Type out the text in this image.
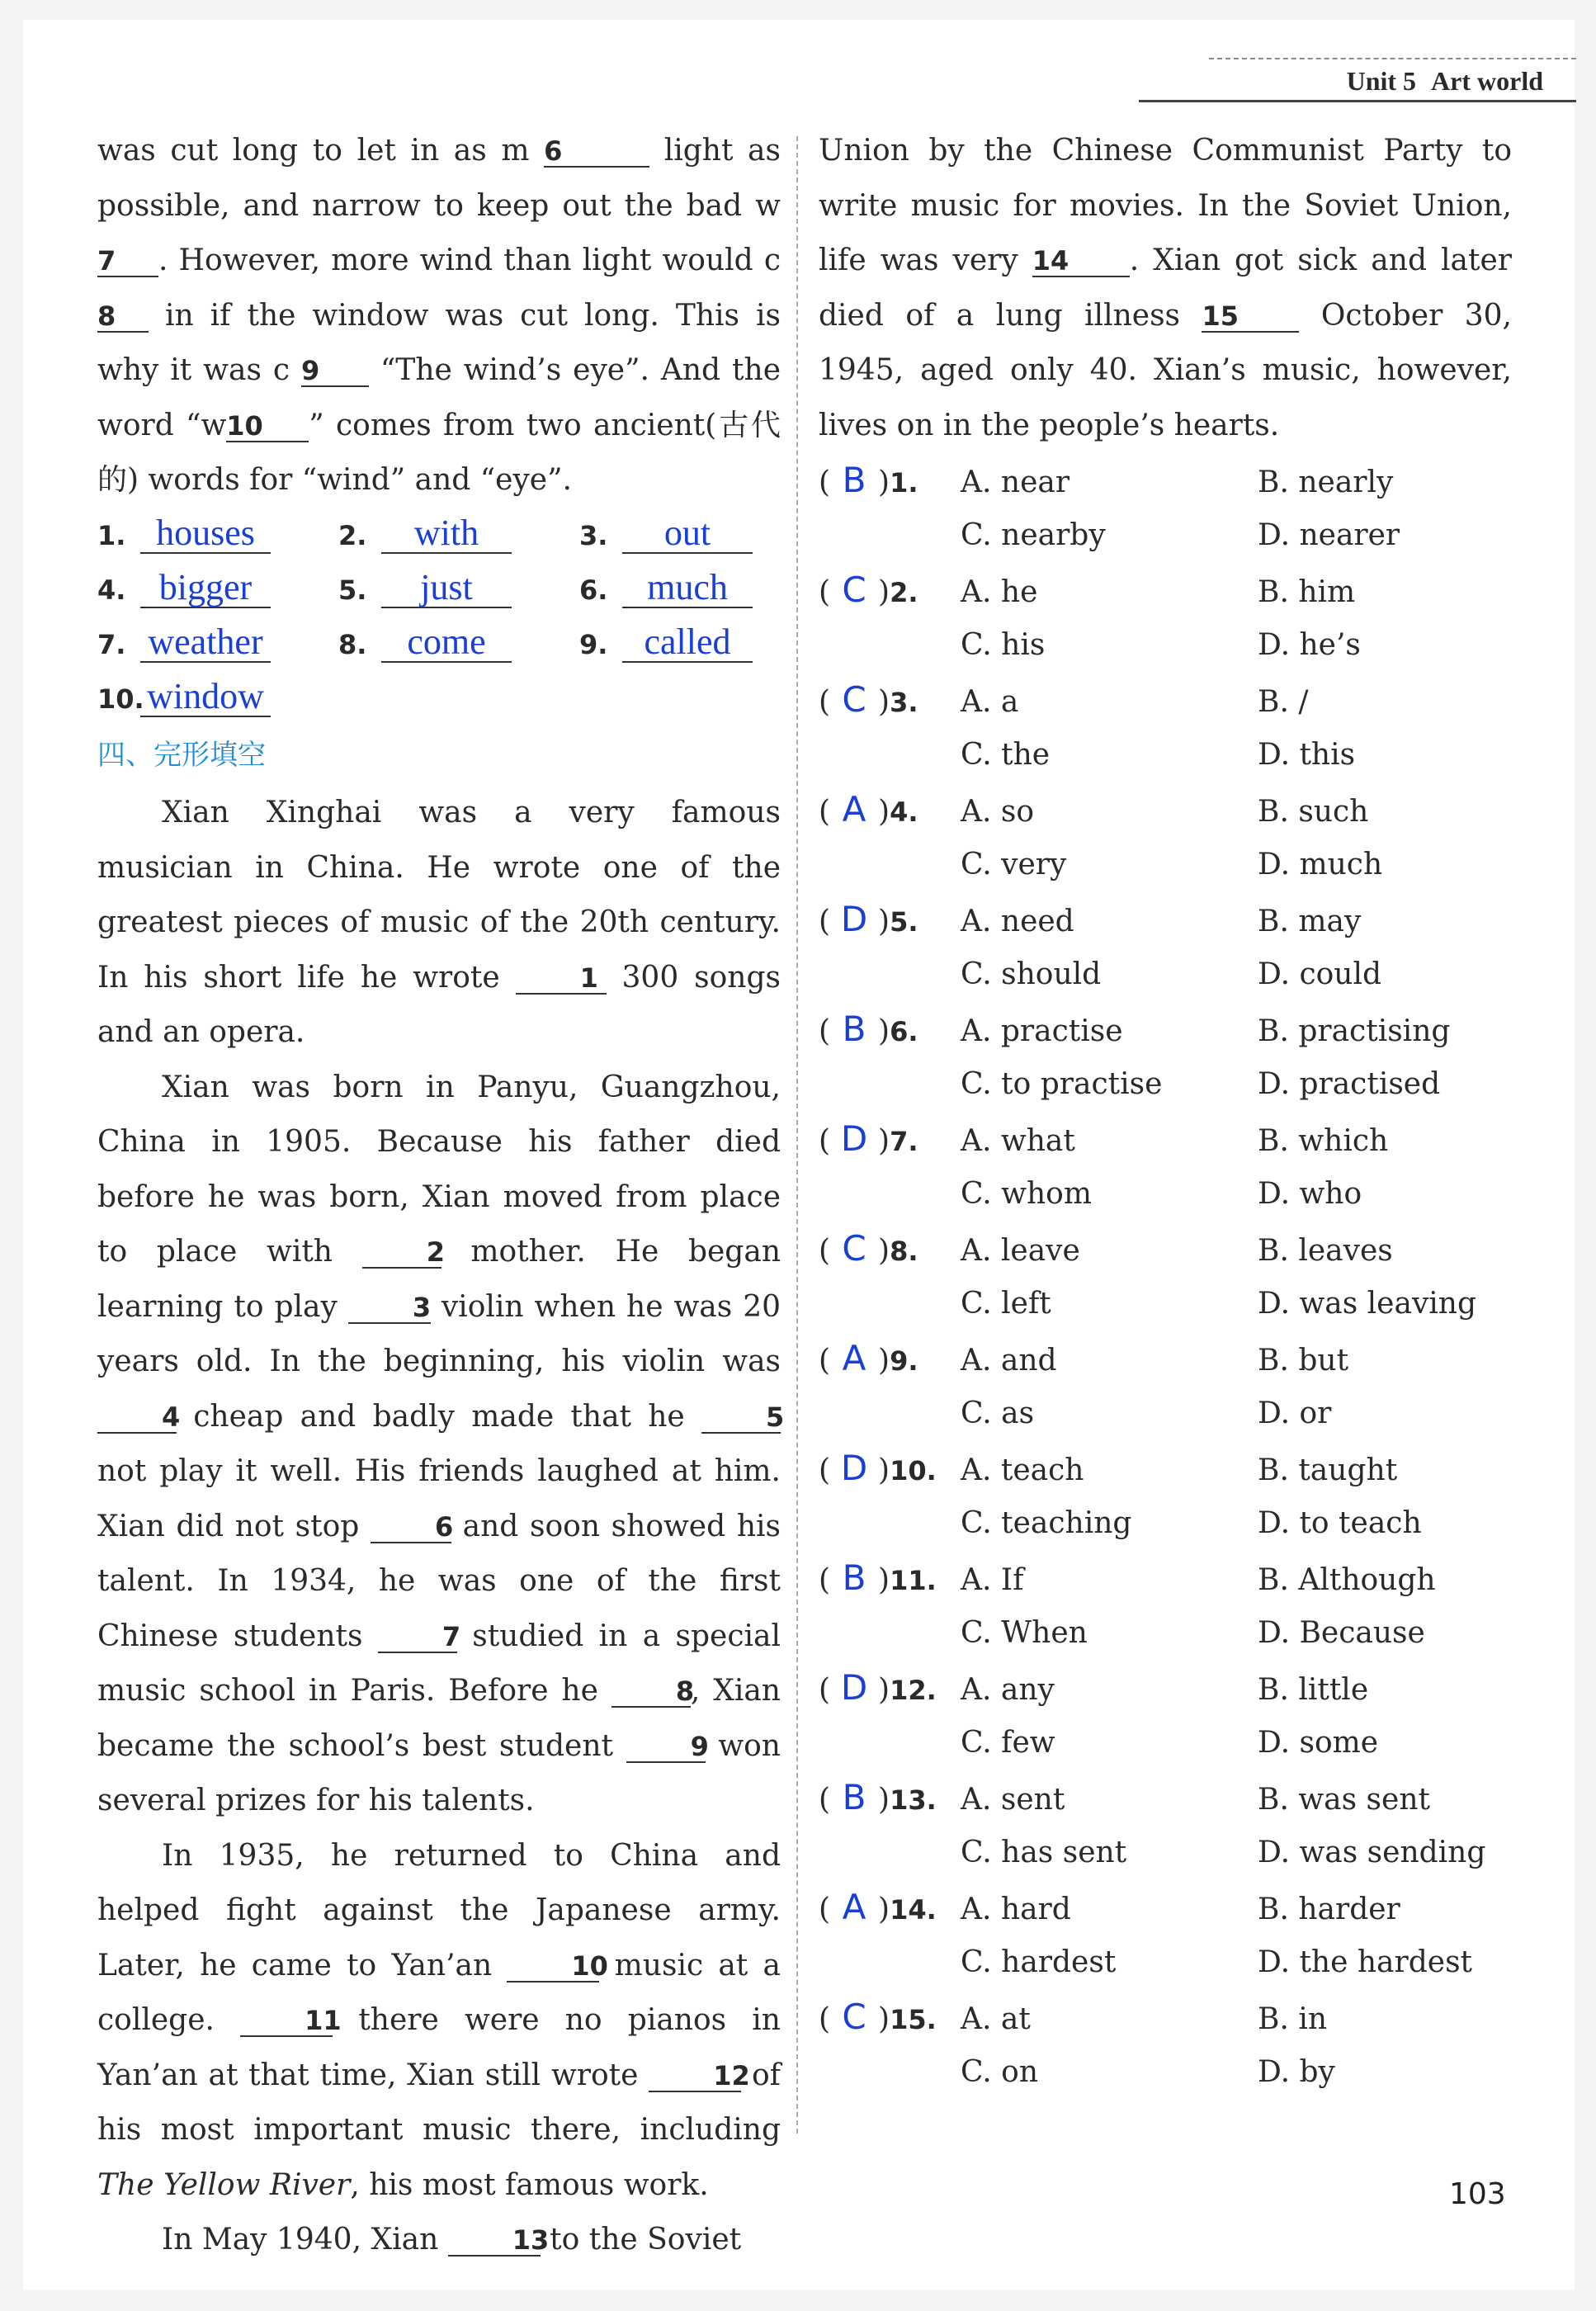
Unit 5 Art world

was cut long to let in as m 6	light as possible, and narrow to keep out the bad w 7 . However, more wind than light would c 8 in if the window was cut long. This is why it was c 9 “The wind’s eye”. And the word “w10 ” comes from two ancient(古代的) words for “wind” and “eye”.

1. houses	2.	with	3.	out
4. bigger	5.	just	6.	much
7. weather	8.	come	9.	called
10. window
四、完形填空

Xian Xinghai was a very famous musician in China. He wrote one of the greatest pieces of music of the 20th century. In his short life he wrote	1 300 songs and an opera.

Xian was born in Panyu, Guangzhou, China in 1905. Because his father died before he was born, Xian moved from place to place with	2 mother. He began learning to play	3 violin when he was 20 years old. In the beginning, his violin was 4 cheap and badly made that he	5 not play it well. His friends laughed at him. Xian did not stop	6 and soon showed his talent. In 1934, he was one of the first Chinese students	7 studied in a special music school in Paris. Before he	8, Xian became the school’s best student	9 won several prizes for his talents.

In 1935, he returned to China and helped fight against the Japanese army. Later, he came to Yan’an	10 music at a college.	11 there were no pianos in Yan’an at that time, Xian still wrote	12 of his most important music there, including The Yellow River, his most famous work.

In May 1940, Xian	13 to the Soviet

Union by the Chinese Communist Party to write music for movies. In the Soviet Union, life was very 14 . Xian got sick and later died of a lung illness 15	October 30, 1945, aged only 40. Xian’s music, however, lives on in the people’s hearts.

( B )1.	A. near	B. nearly
C. nearby	D. nearer
( C )2.	A. he	B. him
C. his	D. he’s
( C )3.	A. a	B. /
C. the	D. this
( A )4.	A. so	B. such
C. very	D. much
( D )5.	A. need	B. may
C. should	D. could
( B )6.	A. practise	B. practising
C. to practise	D. practised
( D )7.	A. what	B. which
C. whom	D. who
( C )8.	A. leave	B. leaves
C. left	D. was leaving
( A )9.	A. and	B. but
C. as	D. or
( D )10. A. teach	B. taught
C. teaching	D. to teach
( B )11. A. If	B. Although
C. When	D. Because
( D )12. A. any	B. little
C. few	D. some
( B )13. A. sent	B. was sent
C. has sent	D. was sending
( A )14. A. hard	B. harder
C. hardest	D. the hardest
( C )15. A. at	B. in
C. on	D. by
103
